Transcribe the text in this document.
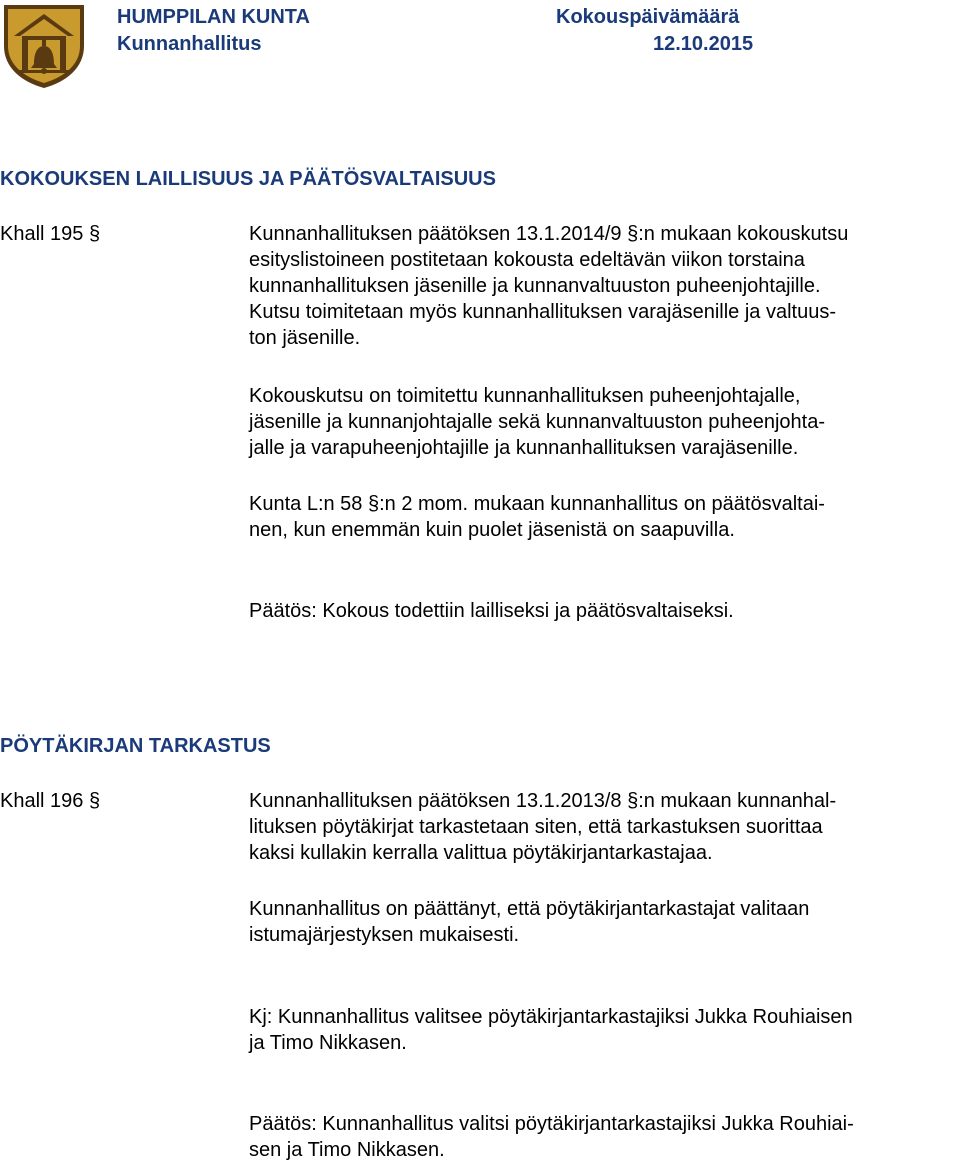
HUMPPILAN KUNTA	Kokouspäivämäärä
Kunnanhallitus	12.10.2015
KOKOUKSEN LAILLISUUS JA PÄÄTÖSVALTAISUUS
Khall 195 §	Kunnanhallituksen päätöksen 13.1.2014/9 §:n mukaan kokouskutsu
esityslistoineen postitetaan kokousta edeltävän viikon torstaina
kunnanhallituksen jäsenille ja kunnanvaltuuston puheenjohtajille.
Kutsu toimitetaan myös kunnanhallituksen varajäsenille ja valtuus-
ton jäsenille.
Kokouskutsu on toimitettu kunnanhallituksen puheenjohtajalle,
jäsenille ja kunnanjohtajalle sekä kunnanvaltuuston puheenjohta-
jalle ja varapuheenjohtajille ja kunnanhallituksen varajäsenille.
Kunta L:n 58 §:n 2 mom. mukaan kunnanhallitus on päätösvaltai-
nen, kun enemmän kuin puolet jäsenistä on saapuvilla.
Päätös: Kokous todettiin lailliseksi ja päätösvaltaiseksi.
PÖYTÄKIRJAN TARKASTUS
Khall 196 §	Kunnanhallituksen päätöksen 13.1.2013/8 §:n mukaan kunnanhal-
lituksen pöytäkirjat tarkastetaan siten, että tarkastuksen suorittaa
kaksi kullakin kerralla valittua pöytäkirjantarkastajaa.
Kunnanhallitus on päättänyt, että pöytäkirjantarkastajat valitaan
istumajärjestyksen mukaisesti.
Kj: Kunnanhallitus valitsee pöytäkirjantarkastajiksi Jukka Rouhiaisen
ja Timo Nikkasen.
Päätös: Kunnanhallitus valitsi pöytäkirjantarkastajiksi Jukka Rouhiai-
sen ja Timo Nikkasen.
